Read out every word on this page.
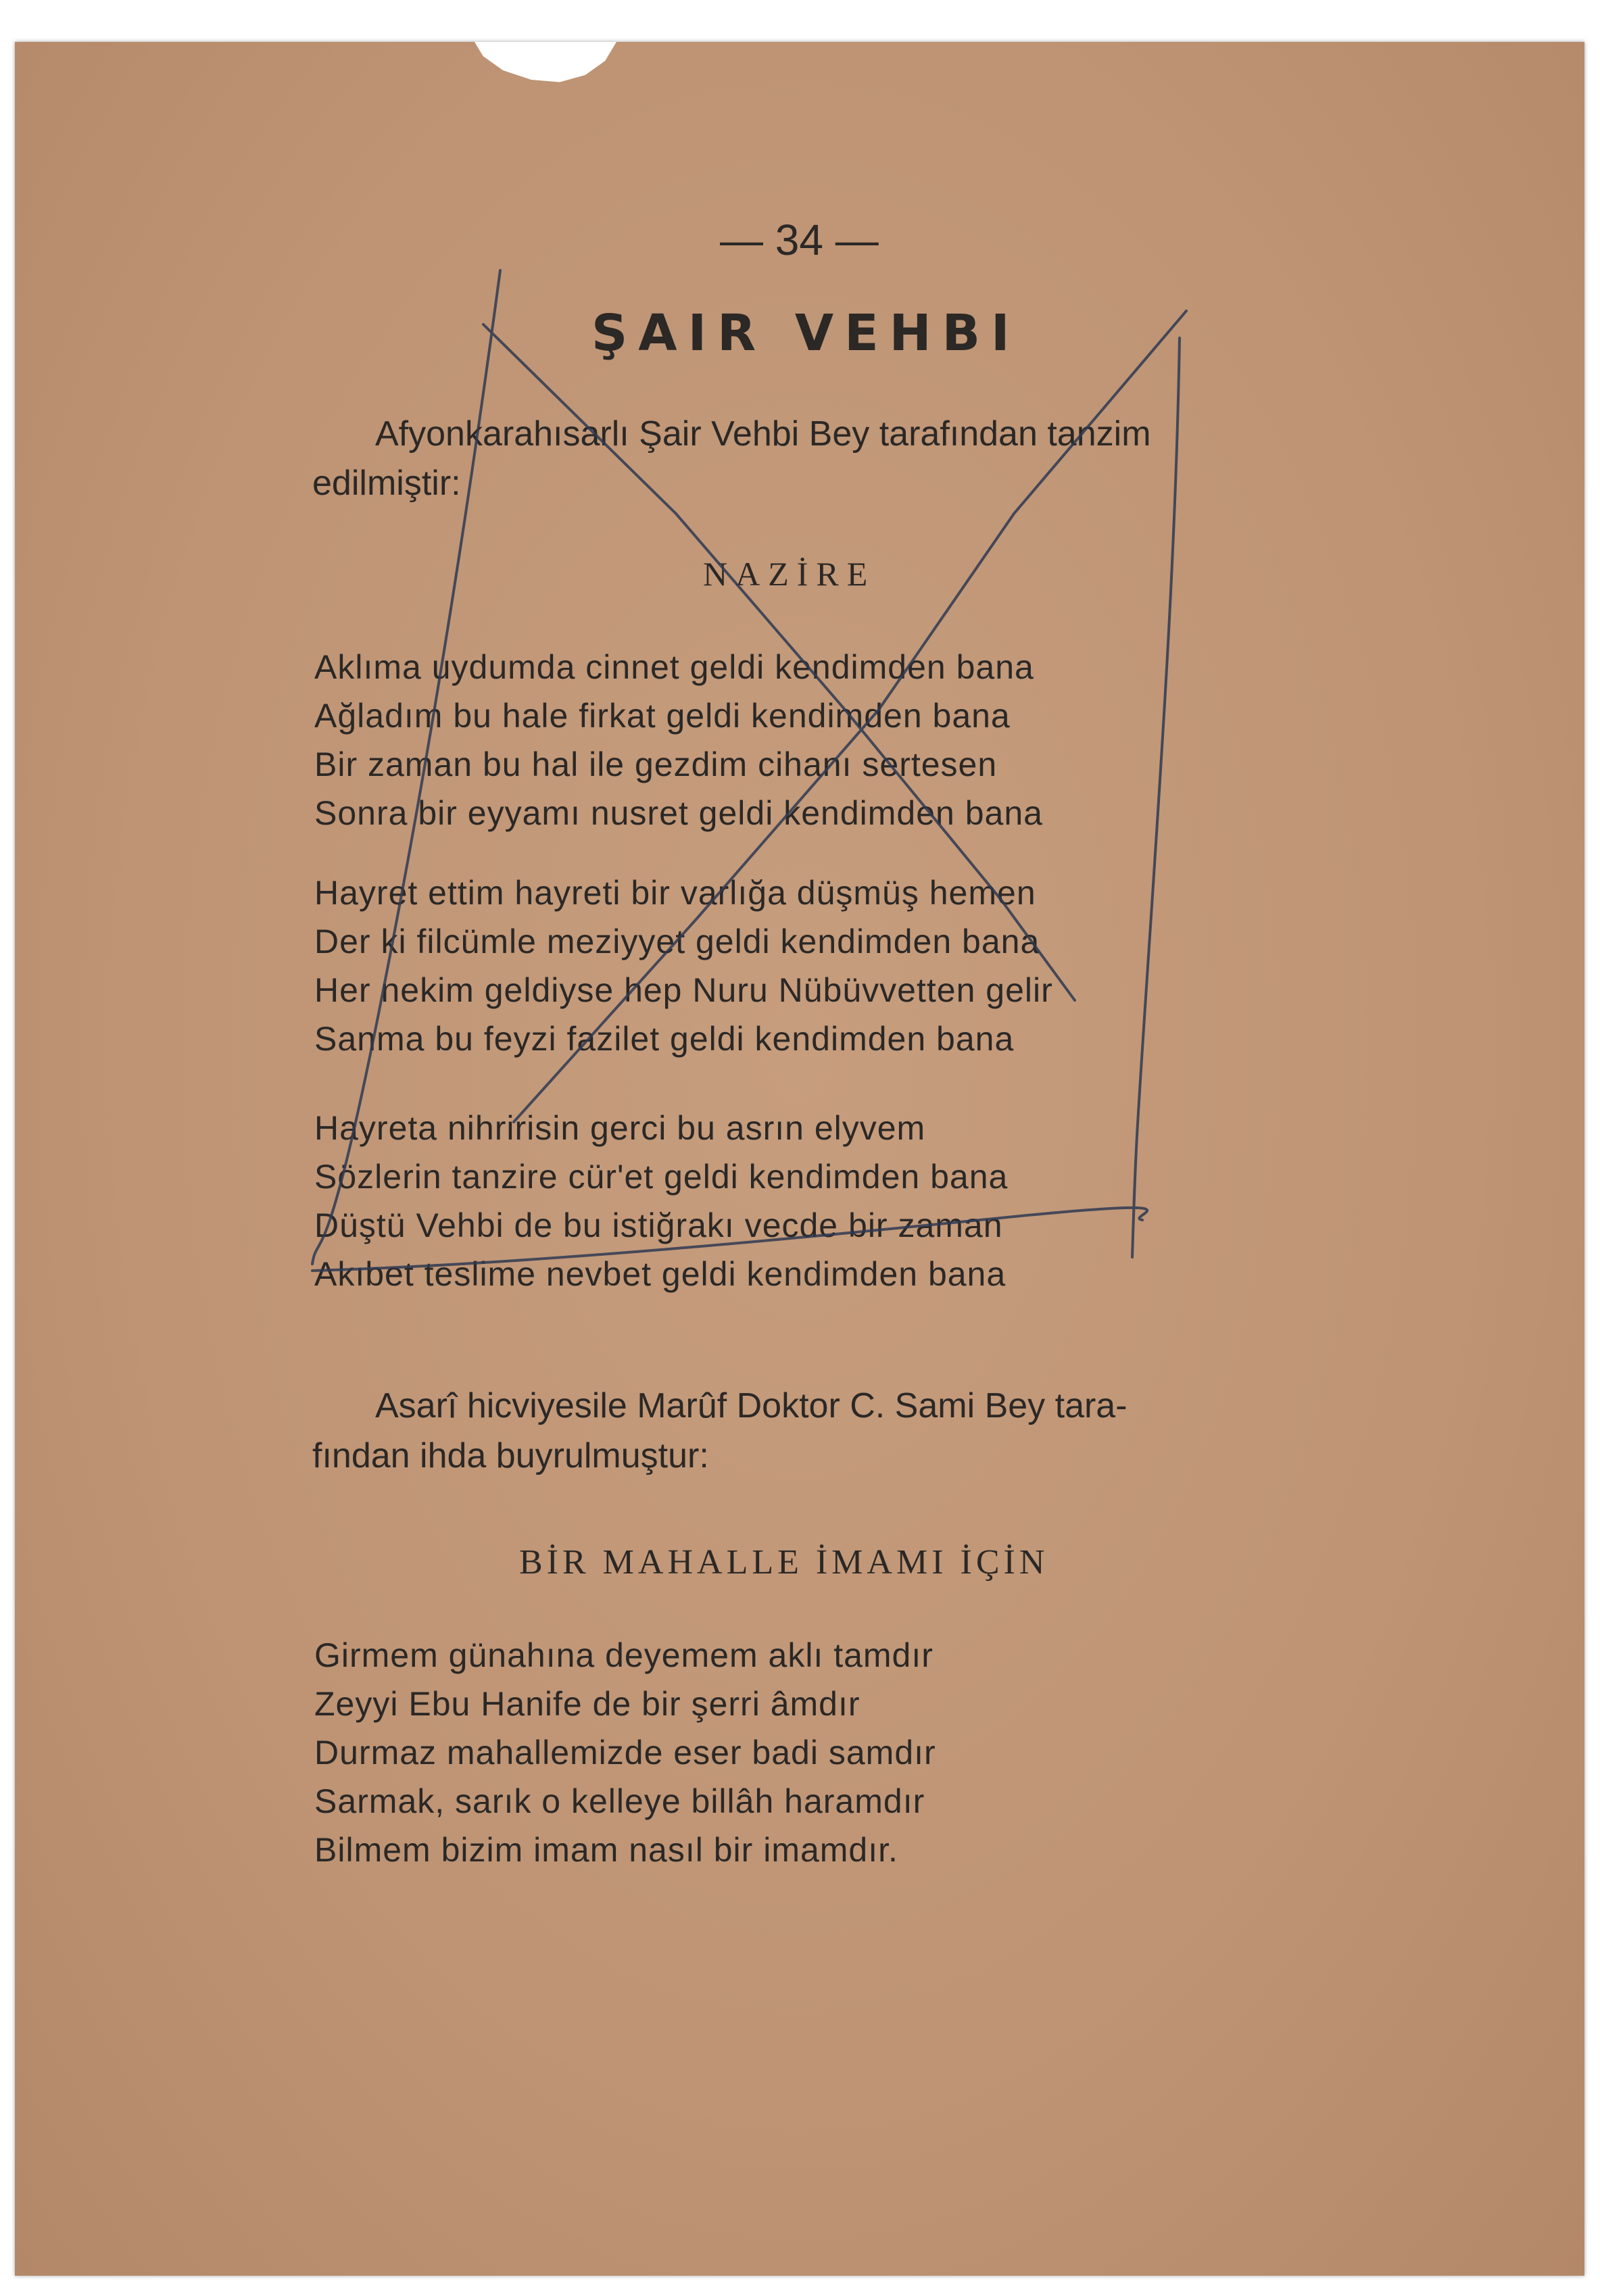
— 34 —
ŞAIR VEHBI
Afyonkarahısarlı Şair Vehbi Bey tarafından tanzim
edilmiştir:
NAZİRE
Aklıma uydumda cinnet geldi kendimden bana
Ağladım bu hale firkat geldi kendimden bana
Bir zaman bu hal ile gezdim cihanı sertesen
Sonra bir eyyamı nusret geldi kendimden bana
Hayret ettim hayreti bir varlığa düşmüş hemen
Der ki filcümle meziyyet geldi kendimden bana
Her nekim geldiyse hep Nuru Nübüvvetten gelir
Sanma bu feyzi fazilet geldi kendimden bana
Hayreta nihririsin gerci bu asrın elyvem
Sözlerin tanzire cür'et geldi kendimden bana
Düştü Vehbi de bu istiğrakı vecde bir zaman
Akıbet teslime nevbet geldi kendimden bana
Asarî hicviyesile Marûf Doktor C. Sami Bey tara-
fından ihda buyrulmuştur:
BİR MAHALLE İMAMI İÇİN
Girmem günahına deyemem aklı tamdır
Zeyyi Ebu Hanife de bir şerri âmdır
Durmaz mahallemizde eser badi samdır
Sarmak, sarık o kelleye billâh haramdır
Bilmem bizim imam nasıl bir imamdır.
